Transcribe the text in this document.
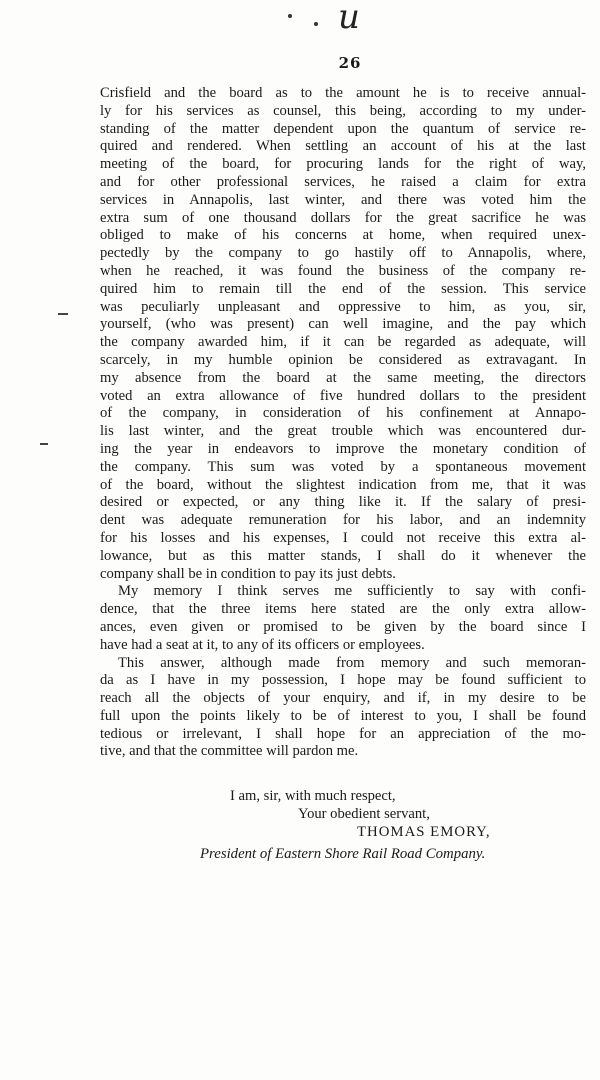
u
26
Crisfield and the board as to the amount he is to receive annual-
ly for his services as counsel, this being, according to my under-
standing of the matter dependent upon the quantum of service re-
quired and rendered. When settling an account of his at the last
meeting of the board, for procuring lands for the right of way,
and for other professional services, he raised a claim for extra
services in Annapolis, last winter, and there was voted him the
extra sum of one thousand dollars for the great sacrifice he was
obliged to make of his concerns at home, when required unex-
pectedly by the company to go hastily off to Annapolis, where,
when he reached, it was found the business of the company re-
quired him to remain till the end of the session. This service
was peculiarly unpleasant and oppressive to him, as you, sir,
yourself, (who was present) can well imagine, and the pay which
the company awarded him, if it can be regarded as adequate, will
scarcely, in my humble opinion be considered as extravagant. In
my absence from the board at the same meeting, the directors
voted an extra allowance of five hundred dollars to the president
of the company, in consideration of his confinement at Annapo-
lis last winter, and the great trouble which was encountered dur-
ing the year in endeavors to improve the monetary condition of
the company. This sum was voted by a spontaneous movement
of the board, without the slightest indication from me, that it was
desired or expected, or any thing like it. If the salary of presi-
dent was adequate remuneration for his labor, and an indemnity
for his losses and his expenses, I could not receive this extra al-
lowance, but as this matter stands, I shall do it whenever the
company shall be in condition to pay its just debts.
My memory I think serves me sufficiently to say with confi-
dence, that the three items here stated are the only extra allow-
ances, even given or promised to be given by the board since I
have had a seat at it, to any of its officers or employees.
This answer, although made from memory and such memoran-
da as I have in my possession, I hope may be found sufficient to
reach all the objects of your enquiry, and if, in my desire to be
full upon the points likely to be of interest to you, I shall be found
tedious or irrelevant, I shall hope for an appreciation of the mo-
tive, and that the committee will pardon me.
I am, sir, with much respect,
Your obedient servant,
THOMAS EMORY,
President of Eastern Shore Rail Road Company.
